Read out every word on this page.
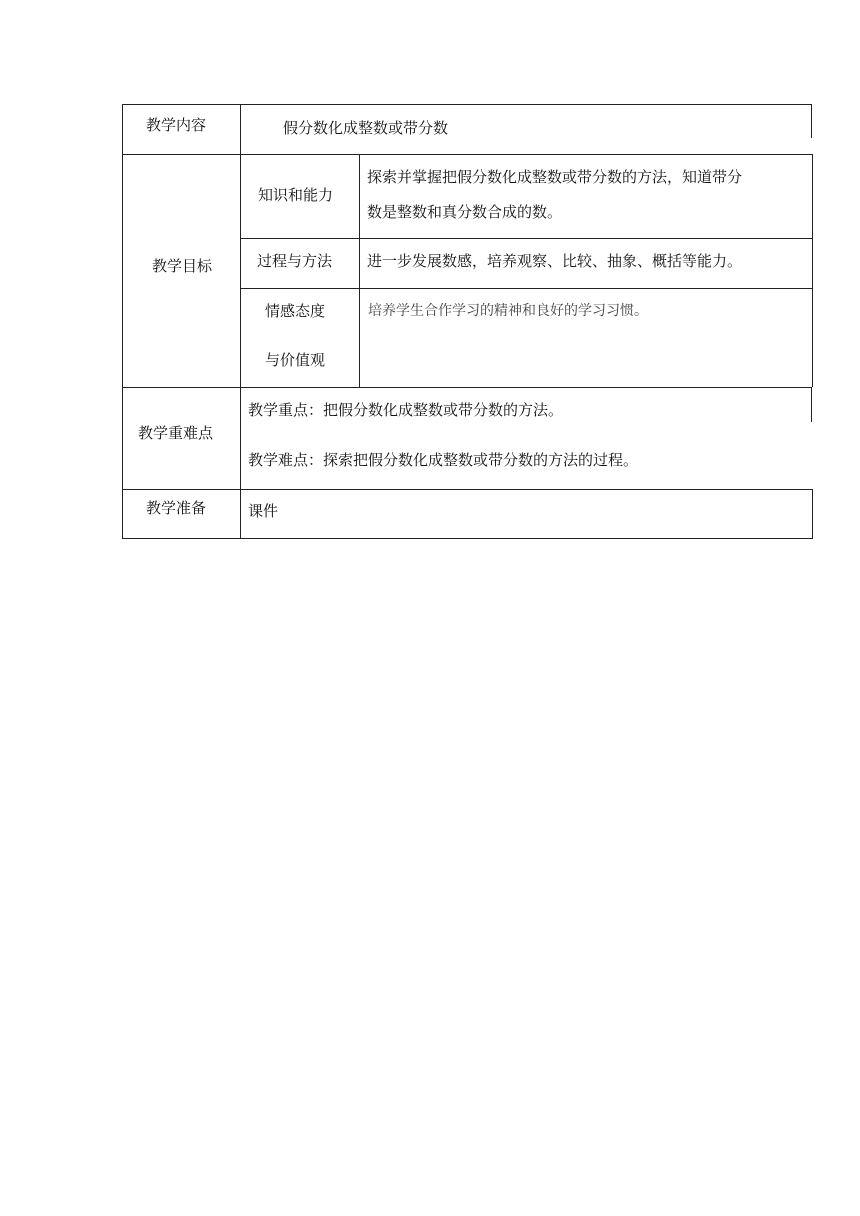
教学内容	假分数化成整数或带分数
教学目标
知识和能力
探索并掌握把假分数化成整数或带分数的方法，知道带分
数是整数和真分数合成的数。
过程与方法 进一步发展数感，培养观察、比较、抽象、概括等能力。
情感态度
与价值观
培养学生合作学习的精神和良好的学习习惯。
教学重难点
教学重点：把假分数化成整数或带分数的方法。
教学难点：探索把假分数化成整数或带分数的方法的过程。
教学准备	课件
